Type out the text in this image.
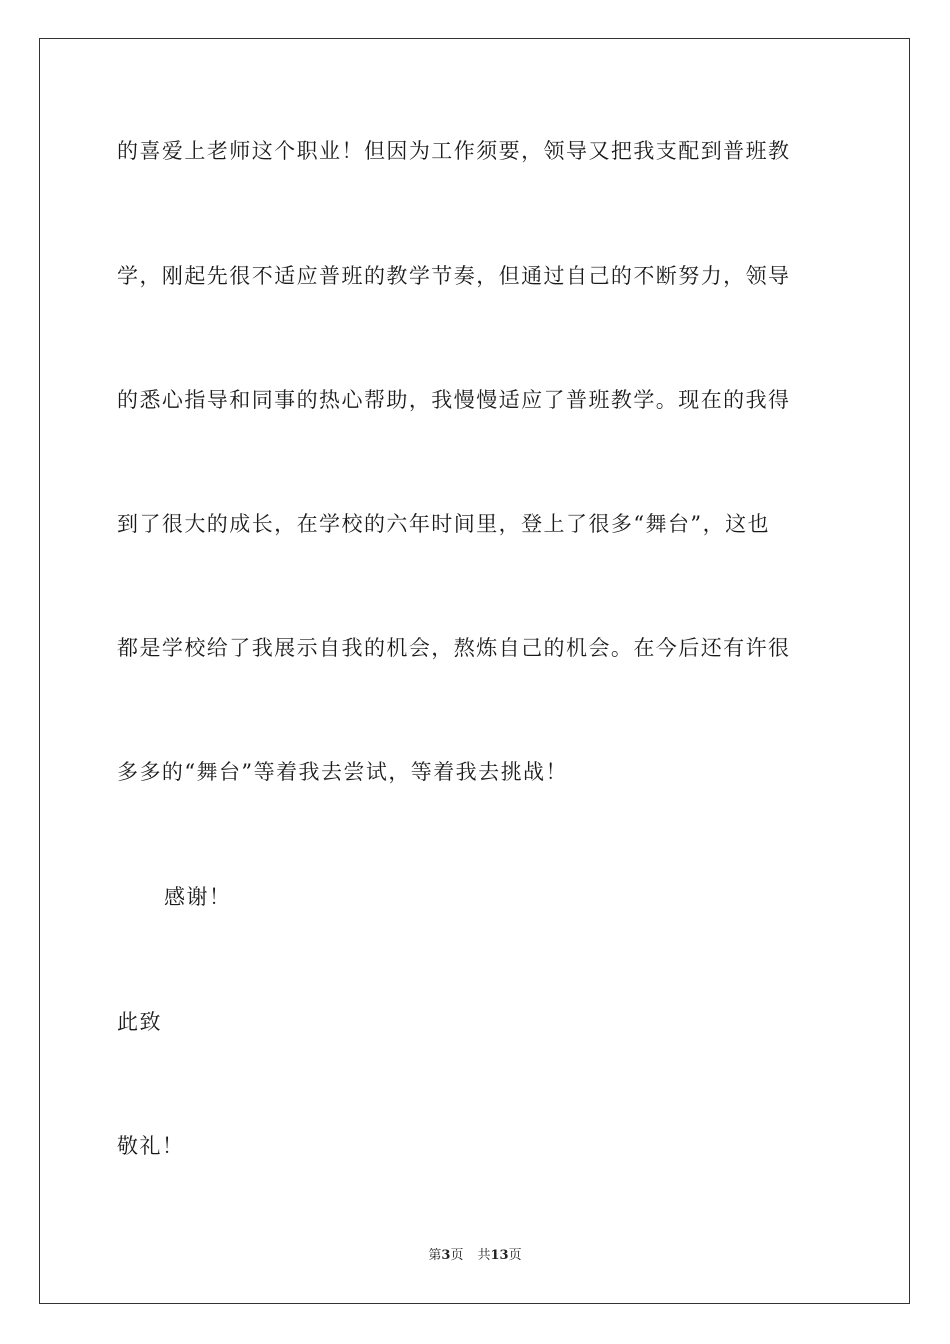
的喜爱上老师这个职业！但因为工作须要，领导又把我支配到普班教
学，刚起先很不适应普班的教学节奏，但通过自己的不断努力，领导
的悉心指导和同事的热心帮助，我慢慢适应了普班教学。现在的我得
到了很大的成长，在学校的六年时间里，登上了很多“舞台”，这也
都是学校给了我展示自我的机会，熬炼自己的机会。在今后还有许很
多多的“舞台”等着我去尝试，等着我去挑战！
感谢！
此致
敬礼！
第3页 共13页
